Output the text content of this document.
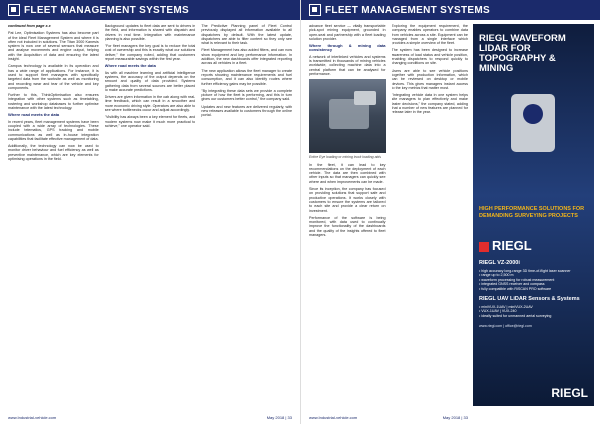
FLEET MANAGEMENT SYSTEMS

continued from page x.x

Pat Lee, Optimisation Systems has also become part of the ideal Fleet Management System and where it is often not included in solutions. The Titan 3000 Kanesis system is now one of several sensors that measure and analyse movements and engine output, helping with the Acquisition of data and ensuring the latest insight.

Campus technology is available in its operation and has a wide range of applications. For instance, it is used to support fleet managers with specifically targeted data from the worksite as well as monitoring and recording wear and tear of the vehicle and key components.

Further to this, ThinkOptimisation also ensures integration with other systems such as timetabling, rostering and workshop databases to further optimise maintenance with the latest technology.

Where road meets the data

In recent years, fleet management systems have been coupled with a wide array of technologies. These include telematics, GPS tracking and mobile communications as well as in-house integration capabilities that facilitate effective management of data.

Additionally, the technology can now be used to monitor driver behaviour and fuel efficiency as well as preventive maintenance, which are key elements for optimising operations in the field.

Background updates to fleet data are sent to drivers in the field, and information is shared with dispatch and drivers in real time. Integration with maintenance planning is also possible.

"For fleet managers the key goal is to reduce the total cost of ownership and this is exactly what our solutions deliver," the company noted, adding that customers report measurable savings within the first year.

Where road meets the data

As with all machine learning and artificial intelligence systems, the accuracy of the output depends on the amount and quality of data provided. Systems gathering data from several sources are better placed to make accurate predictions.

Drivers are given information in the cab along with real-time feedback, which can result in a smoother and more economic driving style. Operators are also able to see where bottlenecks occur and adjust accordingly.

"Visibility has always been a key element for fleets, and modern systems now make it much more practical to achieve," one operator said.

The Predictive Planning panel of Fleet Control previously displayed all information available to all dispatchers by default. With the latest update, dispatchers are able to filter content so they only see what is relevant to their task.

Fleet Management has also added filters, and can now show equipment and key performance information. In addition, the new dashboards offer integrated reporting across all vehicles in a fleet.

The new application allows the fleet manager to create reports showing maintenance requirements and fuel consumption, and it can also identify routes where further efficiency gains may be possible.

"By integrating these data sets we provide a complete picture of how the fleet is performing, and this in turn gives our customers better control," the company said.

Updates and new features are delivered regularly, with new releases available to customers through the online portal.

www.Industrial-vehicle.com	May 2018 | 33
FLEET MANAGEMENT SYSTEMS

advance fleet service — vitally transportable pick-spot mining equipment, grounded in open-seat and partnership with a fleet loading solution provider.

Where through & mining data consistency

A network of interlinked vehicles and systems is transmitted in thousands of mining vehicles worldwide, collecting machine data into a central platform that can be analysed for performance.

Entire Eye loading or mining truck loading aids

In the fleet, it can lead to key recommendations on the deployment of each vehicle. The data are then combined with other inputs so that managers can quickly see where and when improvements can be made.

Since its inception, the company has focused on providing solutions that support safe and productive operations. It works closely with customers to ensure the systems are tailored to each site and provide a clear return on investment.

Performance of the software is being monitored, with data used to continually improve the functionality of the dashboards and the quality of the insights offered to fleet managers.

Exploring the equipment requirement, the company enables operators to combine data from vehicles across a site. Equipment can be managed from a single interface which provides a simple overview of the fleet.

The system has been designed to increase awareness of load status and vehicle position, enabling dispatchers to respond quickly to changing conditions on site.

Users are able to see vehicle positions together with production information, which can be reviewed on desktop or mobile devices. This gives managers instant access to the key metrics that matter most.

"Integrating vehicle data in one system helps site managers to plan effectively and make faster decisions," the company stated, adding that a number of new features are planned for release later in the year.

RIEGL WAVEFORM LIDAR FOR TOPOGRAPHY & MINING
HIGH PERFORMANCE SOLUTIONS FOR DEMANDING SURVEYING PROJECTS
RIEGL
RIEGL VZ-2000i
• high accuracy long-range 3D time-of-flight laser scanner
• range up to 2,500 m
• waveform processing for robust measurement
• integrated GNSS receiver and compass
• fully compatible with RiSCAN PRO software
RIEGL UAV LiDAR Sensors & Systems
• miniVUX-1UAV | miniVUX-2UAV
• VUX-1UAV | VUX-240
• ideally suited for unmanned aerial surveying
www.riegl.com | office@riegl.com
RIEGL
www.Industrial-vehicle.com	May 2018 | 33
